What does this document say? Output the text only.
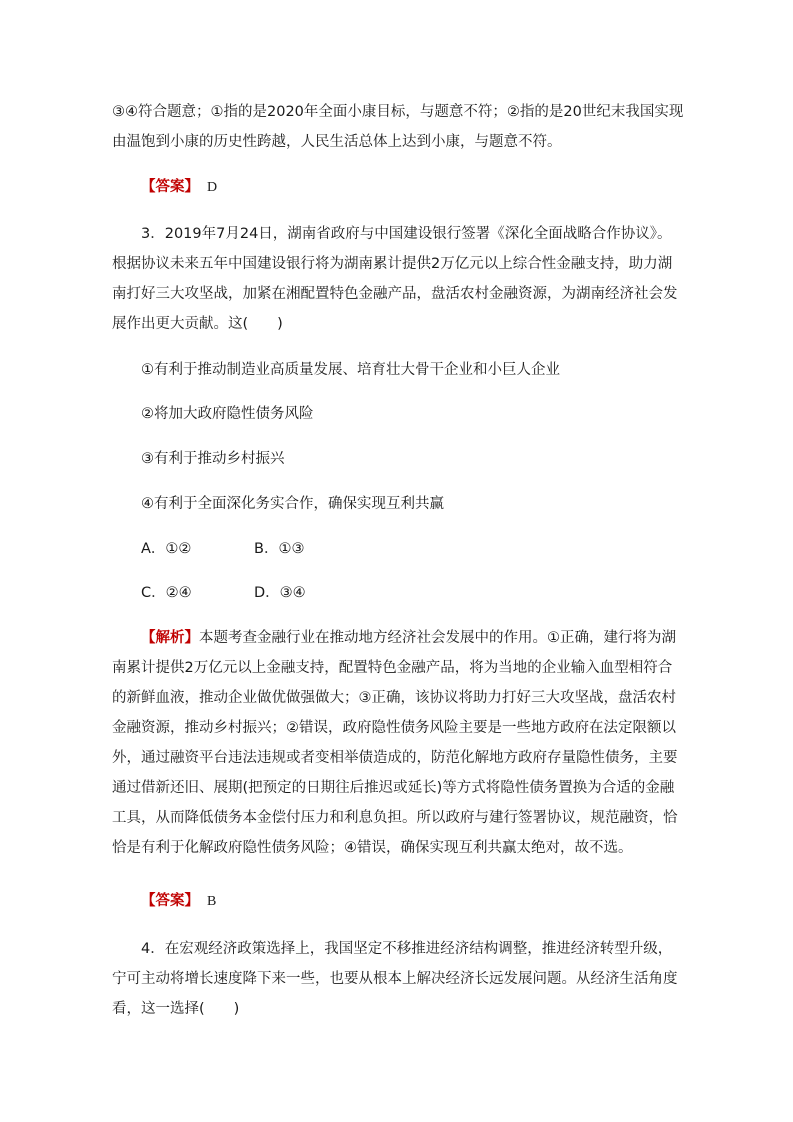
③④符合题意；①指的是2020年全面小康目标，与题意不符；②指的是20世纪末我国实现由温饱到小康的历史性跨越，人民生活总体上达到小康，与题意不符。

【答案】 D

3．2019年7月24日，湖南省政府与中国建设银行签署《深化全面战略合作协议》。根据协议未来五年中国建设银行将为湖南累计提供2万亿元以上综合性金融支持，助力湖南打好三大攻坚战，加紧在湘配置特色金融产品，盘活农村金融资源，为湖南经济社会发展作出更大贡献。这(　　)

①有利于推动制造业高质量发展、培育壮大骨干企业和小巨人企业

②将加大政府隐性债务风险

③有利于推动乡村振兴

④有利于全面深化务实合作，确保实现互利共赢

A．①②	B．①③
C．②④	D．③④

【解析】本题考查金融行业在推动地方经济社会发展中的作用。①正确，建行将为湖南累计提供2万亿元以上金融支持，配置特色金融产品，将为当地的企业输入血型相符合的新鲜血液，推动企业做优做强做大；③正确，该协议将助力打好三大攻坚战，盘活农村金融资源，推动乡村振兴；②错误，政府隐性债务风险主要是一些地方政府在法定限额以外，通过融资平台违法违规或者变相举债造成的，防范化解地方政府存量隐性债务，主要通过借新还旧、展期(把预定的日期往后推迟或延长)等方式将隐性债务置换为合适的金融工具，从而降低债务本金偿付压力和利息负担。所以政府与建行签署协议，规范融资，恰恰是有利于化解政府隐性债务风险；④错误，确保实现互利共赢太绝对，故不选。

【答案】 B

4．在宏观经济政策选择上，我国坚定不移推进经济结构调整，推进经济转型升级，宁可主动将增长速度降下来一些，也要从根本上解决经济长远发展问题。从经济生活角度看，这一选择(　　)
